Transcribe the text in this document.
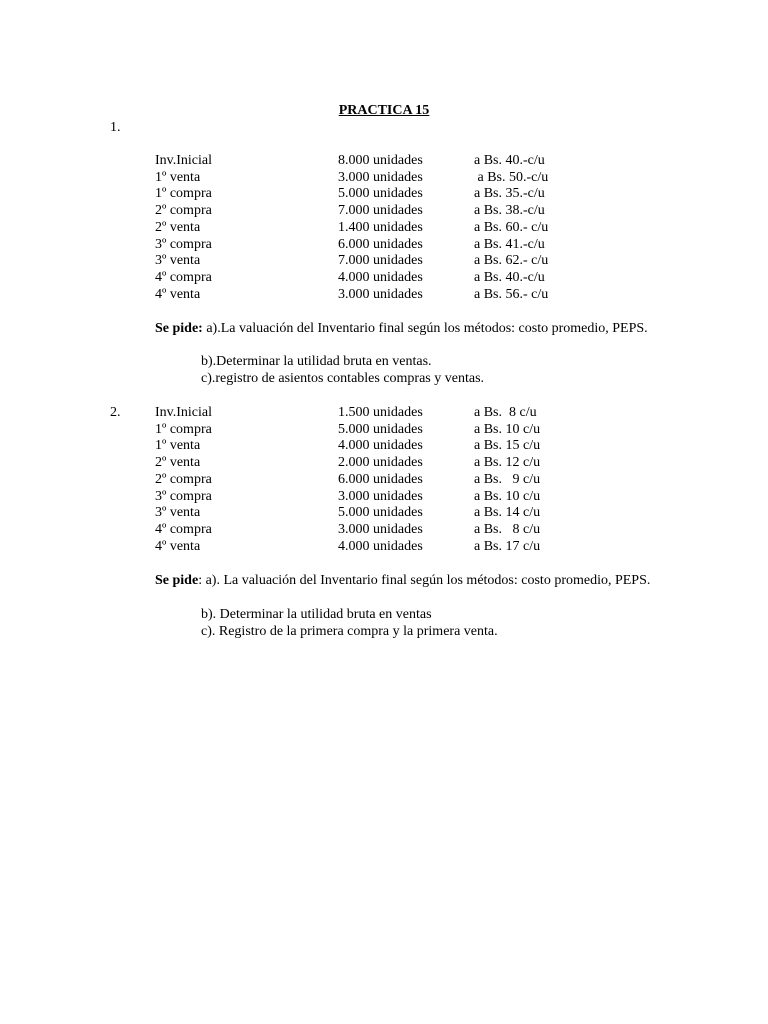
PRACTICA 15
1.
Inv.Inicial	8.000 unidades	a Bs. 40.-c/u
1º venta	3.000 unidades	a Bs. 50.-c/u
1º compra	5.000 unidades	a Bs. 35.-c/u
2º compra	7.000 unidades	a Bs. 38.-c/u
2º venta	1.400 unidades	a Bs. 60.- c/u
3º compra	6.000 unidades	a Bs. 41.-c/u
3º venta	7.000 unidades	a Bs. 62.- c/u
4º compra	4.000 unidades	a Bs. 40.-c/u
4º venta	3.000 unidades	a Bs. 56.- c/u
Se pide: a).La valuación del Inventario final según los métodos: costo promedio, PEPS.
b).Determinar la utilidad bruta en ventas.
c).registro de asientos contables compras y ventas.
2. Inv.Inicial	1.500 unidades	a Bs.  8 c/u
1º compra	5.000 unidades	a Bs. 10 c/u
1º venta	4.000 unidades	a Bs. 15 c/u
2º venta	2.000 unidades	a Bs. 12 c/u
2º compra	6.000 unidades	a Bs.   9 c/u
3º compra	3.000 unidades	a Bs. 10 c/u
3º venta	5.000 unidades	a Bs. 14 c/u
4º compra	3.000 unidades	a Bs.   8 c/u
4º venta	4.000 unidades	a Bs. 17 c/u
Se pide: a). La valuación del Inventario final según los métodos: costo promedio, PEPS.
b). Determinar la utilidad bruta en ventas
c). Registro de la primera compra y la primera venta.
